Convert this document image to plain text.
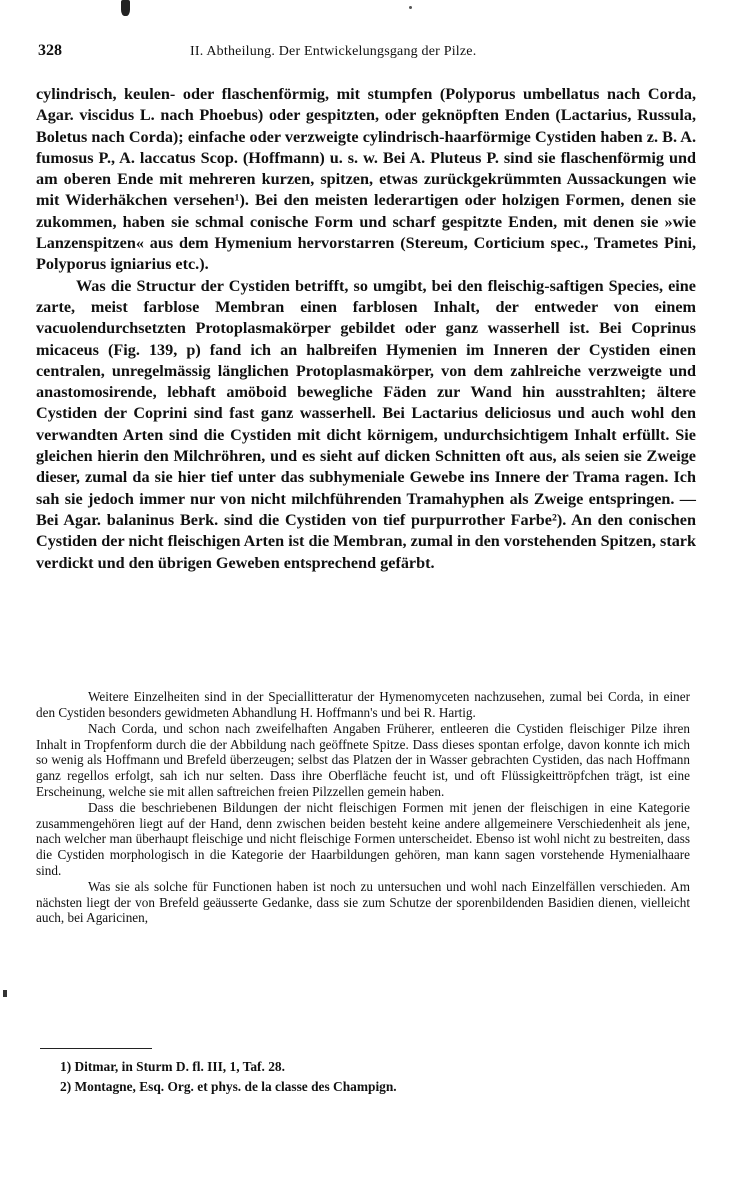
328	II. Abtheilung. Der Entwickelungsgang der Pilze.

cylindrisch, keulen- oder flaschenförmig, mit stumpfen (Polyporus umbellatus nach Corda, Agar. viscidus L. nach Phoebus) oder gespitzten, oder geknöpften Enden (Lactarius, Russula, Boletus nach Corda); einfache oder verzweigte cylindrisch-haarförmige Cystiden haben z. B. A. fumosus P., A. laccatus Scop. (Hoffmann) u. s. w. Bei A. Pluteus P. sind sie flaschenförmig und am oberen Ende mit mehreren kurzen, spitzen, etwas zurückgekrümmten Aussackungen wie mit Widerhäkchen versehen¹). Bei den meisten lederartigen oder holzigen Formen, denen sie zukommen, haben sie schmal conische Form und scharf gespitzte Enden, mit denen sie »wie Lanzenspitzen« aus dem Hymenium hervorstarren (Stereum, Corticium spec., Trametes Pini, Polyporus igniarius etc.).

Was die Structur der Cystiden betrifft, so umgibt, bei den fleischig-saftigen Species, eine zarte, meist farblose Membran einen farblosen Inhalt, der entweder von einem vacuolendurchsetzten Protoplasmakörper gebildet oder ganz wasserhell ist. Bei Coprinus micaceus (Fig. 139, p) fand ich an halbreifen Hymenien im Inneren der Cystiden einen centralen, unregelmässig länglichen Protoplasmakörper, von dem zahlreiche verzweigte und anastomosirende, lebhaft amöboid bewegliche Fäden zur Wand hin ausstrahlten; ältere Cystiden der Coprini sind fast ganz wasserhell. Bei Lactarius deliciosus und auch wohl den verwandten Arten sind die Cystiden mit dicht körnigem, undurchsichtigem Inhalt erfüllt. Sie gleichen hierin den Milchröhren, und es sieht auf dicken Schnitten oft aus, als seien sie Zweige dieser, zumal da sie hier tief unter das subhymeniale Gewebe ins Innere der Trama ragen. Ich sah sie jedoch immer nur von nicht milchführenden Tramahyphen als Zweige entspringen. — Bei Agar. balaninus Berk. sind die Cystiden von tief purpurrother Farbe²). An den conischen Cystiden der nicht fleischigen Arten ist die Membran, zumal in den vorstehenden Spitzen, stark verdickt und den übrigen Geweben entsprechend gefärbt.

Weitere Einzelheiten sind in der Speciallitteratur der Hymenomyceten nachzusehen, zumal bei Corda, in einer den Cystiden besonders gewidmeten Abhandlung H. Hoffmann's und bei R. Hartig.

Nach Corda, und schon nach zweifelhaften Angaben Früherer, entleeren die Cystiden fleischiger Pilze ihren Inhalt in Tropfenform durch die der Abbildung nach geöffnete Spitze. Dass dieses spontan erfolge, davon konnte ich mich so wenig als Hoffmann und Brefeld überzeugen; selbst das Platzen der in Wasser gebrachten Cystiden, das nach Hoffmann ganz regellos erfolgt, sah ich nur selten. Dass ihre Oberfläche feucht ist, und oft Flüssigkeittröpfchen trägt, ist eine Erscheinung, welche sie mit allen saftreichen freien Pilzzellen gemein haben.

Dass die beschriebenen Bildungen der nicht fleischigen Formen mit jenen der fleischigen in eine Kategorie zusammengehören liegt auf der Hand, denn zwischen beiden besteht keine andere allgemeinere Verschiedenheit als jene, nach welcher man überhaupt fleischige und nicht fleischige Formen unterscheidet. Ebenso ist wohl nicht zu bestreiten, dass die Cystiden morphologisch in die Kategorie der Haarbildungen gehören, man kann sagen vorstehende Hymenialhaare sind.

Was sie als solche für Functionen haben ist noch zu untersuchen und wohl nach Einzelfällen verschieden. Am nächsten liegt der von Brefeld geäusserte Gedanke, dass sie zum Schutze der sporenbildenden Basidien dienen, vielleicht auch, bei Agaricinen,

1) Ditmar, in Sturm D. fl. III, 1, Taf. 28.

2) Montagne, Esq. Org. et phys. de la classe des Champign.
